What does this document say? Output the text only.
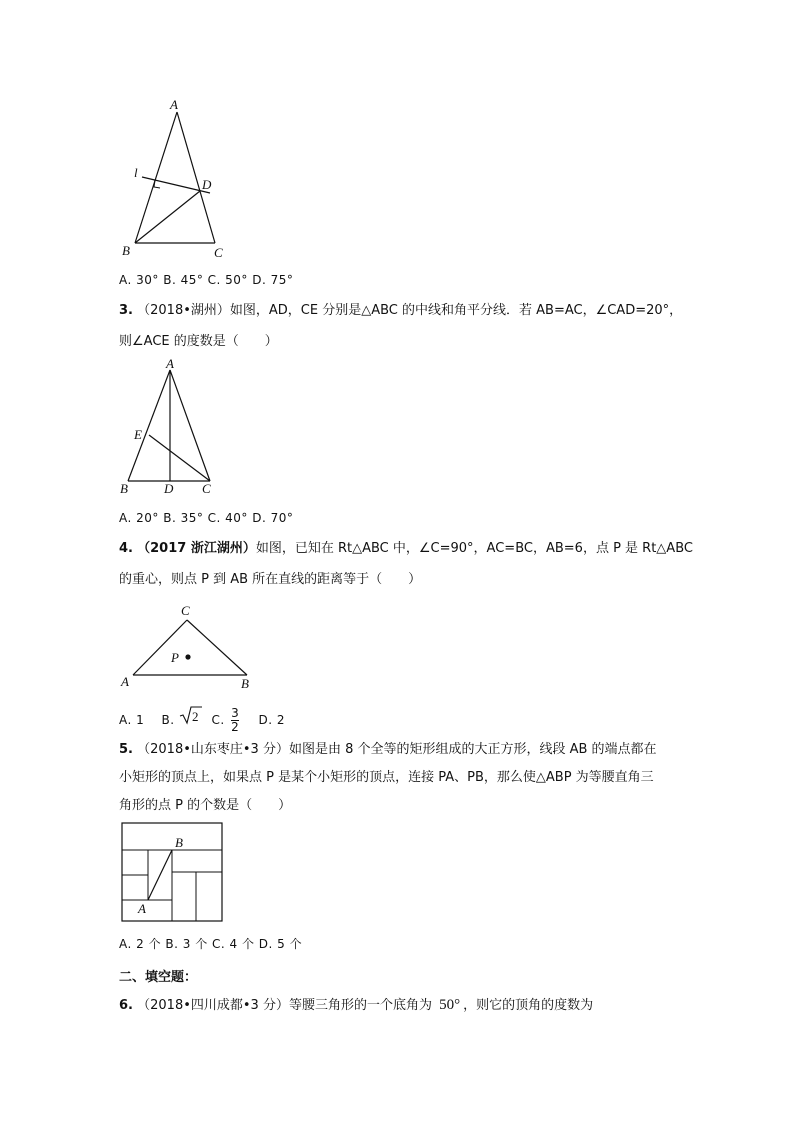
A
l
D
B	C
A. 30° B. 45° C. 50° D. 75°
3. （2018•湖州）如图，AD，CE 分别是△ABC 的中线和角平分线．若 AB=AC，∠CAD=20°，
则∠ACE 的度数是（　　）
A
E
B	D C
A. 20° B. 35° C. 40° D. 70°
4. （2017 浙江湖州）如图，已知在 Rt△ABC 中，∠C=90°，AC=BC，AB=6，点 P 是 Rt△ABC
的重心，则点 P 到 AB 所在直线的距离等于（　　）
C
P
A	B
A. 1 B. 2 C. $\frac{3}{2} D$. 2
5. （2018•山东枣庄•3 分）如图是由 8 个全等的矩形组成的大正方形，线段 AB 的端点都在
小矩形的顶点上，如果点 P 是某个小矩形的顶点，连接 PA、PB，那么使△ABP 为等腰直角三
角形的点 P 的个数是（　　）
B
A
A. 2 个 B. 3 个 C. 4 个 D. 5 个
二、填空题：
6. （2018•四川成都•3 分）等腰三角形的一个底角为 50° ，则它的顶角的度数为
